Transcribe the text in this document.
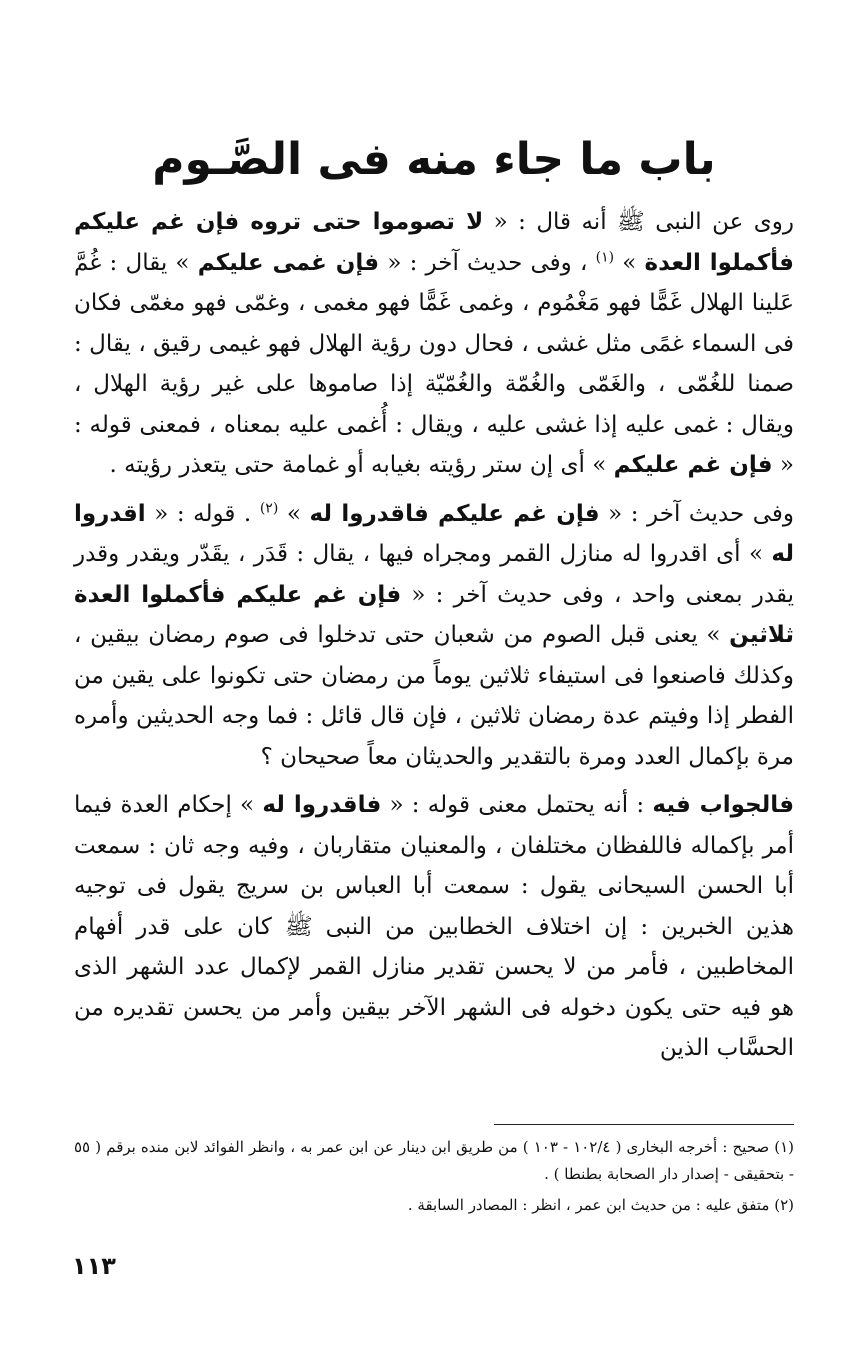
باب ما جاء منه فى الصَّـوم

روى عن النبى ﷺ أنه قال : « لا تصوموا حتى تروه فإن غم عليكم فأكملوا العدة » $^{(١)}$ ، وفى حديث آخر : « فإن غمى عليكم » يقال : غُمَّ عَلينا الهلال غَمًّا فهو مَغْمُوم ، وغمى غَمًّا فهو مغمى ، وغمّى فهو مغمّى فكان فى السماء غمًى مثل غشى ، فحال دون رؤية الهلال فهو غيمى رقيق ، يقال : صمنا للغُمّى ، والغَمّى والغُمّة والغُمّيّة إذا صاموها على غير رؤية الهلال ، ويقال : غمى عليه إذا غشى عليه ، ويقال : أُغمى عليه بمعناه ، فمعنى قوله : « فإن غم عليكم » أى إن ستر رؤيته بغيابه أو غمامة حتى يتعذر رؤيته .

وفى حديث آخر : « فإن غم عليكم فاقدروا له » $^{(٢)}$ . قوله : « اقدروا له » أى اقدروا له منازل القمر ومجراه فيها ، يقال : قَدَر ، يقَدّر ويقدر وقدر يقدر بمعنى واحد ، وفى حديث آخر : « فإن غم عليكم فأكملوا العدة ثلاثين » يعنى قبل الصوم من شعبان حتى تدخلوا فى صوم رمضان بيقين ، وكذلك فاصنعوا فى استيفاء ثلاثين يوماً من رمضان حتى تكونوا على يقين من الفطر إذا وفيتم عدة رمضان ثلاثين ، فإن قال قائل : فما وجه الحديثين وأمره مرة بإكمال العدد ومرة بالتقدير والحديثان معاً صحيحان ؟

فالجواب فيه : أنه يحتمل معنى قوله : « فاقدروا له » إحكام العدة فيما أمر بإكماله فاللفظان مختلفان ، والمعنيان متقاربان ، وفيه وجه ثان : سمعت أبا الحسن السيحانى يقول : سمعت أبا العباس بن سريج يقول فى توجيه هذين الخبرين : إن اختلاف الخطابين من النبى ﷺ كان على قدر أفهام المخاطبين ، فأمر من لا يحسن تقدير منازل القمر لإكمال عدد الشهر الذى هو فيه حتى يكون دخوله فى الشهر الآخر بيقين وأمر من يحسن تقديره من الحسَّاب الذين

(١) صحيح : أخرجه البخارى ( ١٠٢/٤ - ١٠٣ ) من طريق ابن دينار عن ابن عمر به ، وانظر الفوائد لابن منده برقم ( ٥٥ - بتحقيقى - إصدار دار الصحابة بطنطا ) .

(٢) متفق عليه : من حديث ابن عمر ، انظر : المصادر السابقة .

١١٣
